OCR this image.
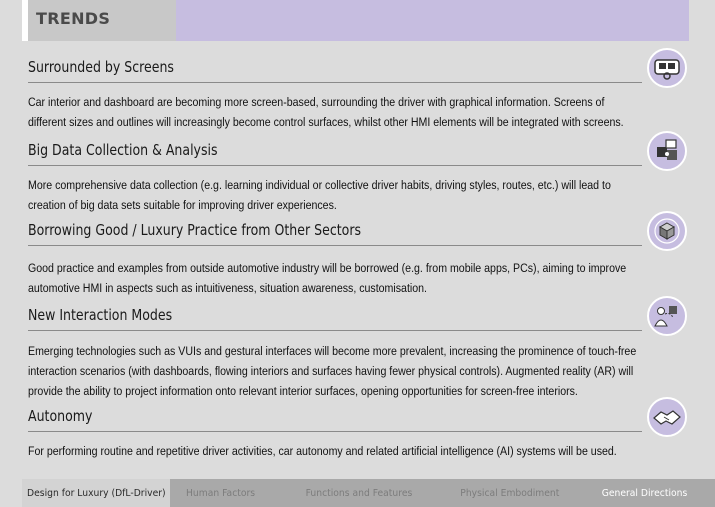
TRENDS
Surrounded by Screens
Car interior and dashboard are becoming more screen-based, surrounding the driver with graphical information. Screens of different sizes and outlines will increasingly become control surfaces, whilst other HMI elements will be integrated with screens.
Big Data Collection & Analysis
More comprehensive data collection (e.g. learning individual or collective driver habits, driving styles, routes, etc.) will lead to creation of big data sets suitable for improving driver experiences.
Borrowing Good / Luxury Practice from Other Sectors
Good practice and examples from outside automotive industry will be borrowed (e.g. from mobile apps, PCs), aiming to improve automotive HMI in aspects such as intuitiveness, situation awareness, customisation.
New Interaction Modes
Emerging technologies such as VUIs and gestural interfaces will become more prevalent, increasing the prominence of touch-free interaction scenarios (with dashboards, flowing interiors and surfaces having fewer physical controls). Augmented reality (AR) will provide the ability to project information onto relevant interior surfaces, opening opportunities for screen-free interiors.
Autonomy
For performing routine and repetitive driver activities, car autonomy and related artificial intelligence (AI) systems will be used.
Design for Luxury (DfL-Driver) Human Factors	Functions and Features	Physical Embodiment	General Directions
